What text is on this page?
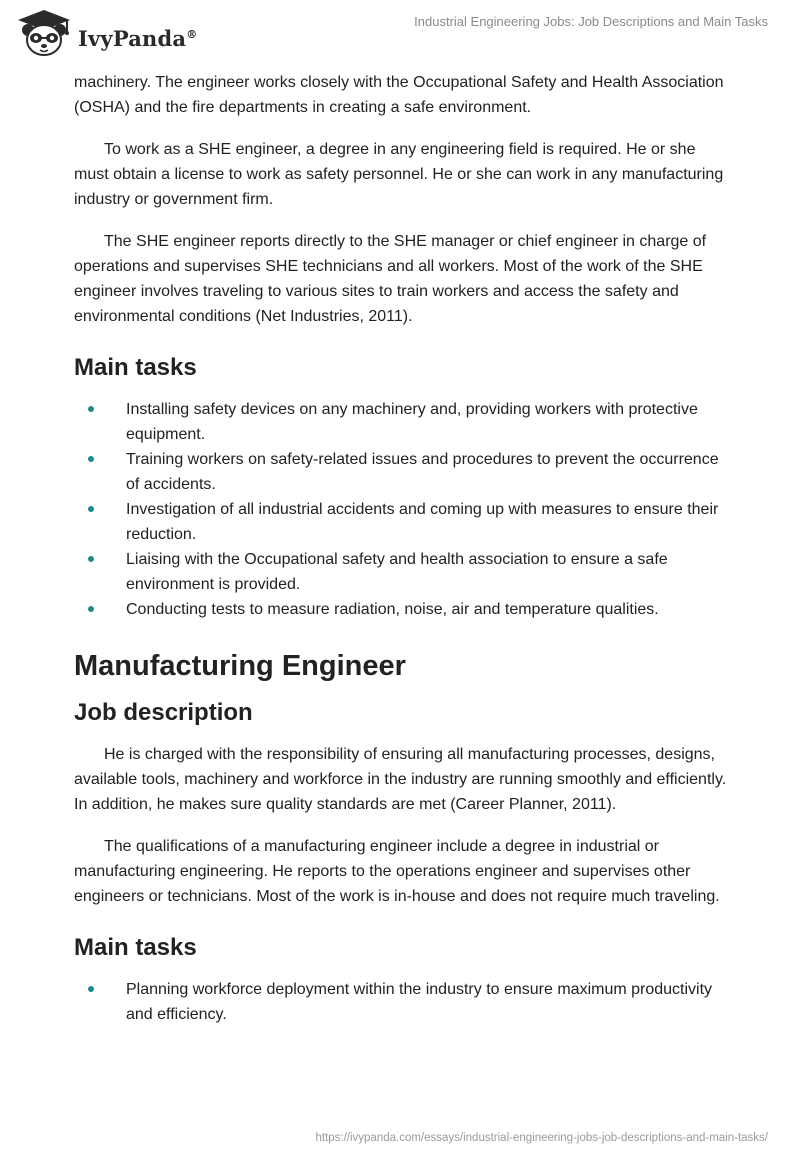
IvyPanda®
Industrial Engineering Jobs: Job Descriptions and Main Tasks

machinery. The engineer works closely with the Occupational Safety and Health Association (OSHA) and the fire departments in creating a safe environment.

To work as a SHE engineer, a degree in any engineering field is required. He or she must obtain a license to work as safety personnel. He or she can work in any manufacturing industry or government firm.

The SHE engineer reports directly to the SHE manager or chief engineer in charge of operations and supervises SHE technicians and all workers. Most of the work of the SHE engineer involves traveling to various sites to train workers and access the safety and environmental conditions (Net Industries, 2011).

Main tasks
Installing safety devices on any machinery and, providing workers with protective equipment.
Training workers on safety-related issues and procedures to prevent the occurrence of accidents.
Investigation of all industrial accidents and coming up with measures to ensure their reduction.
Liaising with the Occupational safety and health association to ensure a safe environment is provided.
Conducting tests to measure radiation, noise, air and temperature qualities.
Manufacturing Engineer
Job description

He is charged with the responsibility of ensuring all manufacturing processes, designs, available tools, machinery and workforce in the industry are running smoothly and efficiently. In addition, he makes sure quality standards are met (Career Planner, 2011).

The qualifications of a manufacturing engineer include a degree in industrial or manufacturing engineering. He reports to the operations engineer and supervises other engineers or technicians. Most of the work is in-house and does not require much traveling.

Main tasks
Planning workforce deployment within the industry to ensure maximum productivity and efficiency.
https://ivypanda.com/essays/industrial-engineering-jobs-job-descriptions-and-main-tasks/
